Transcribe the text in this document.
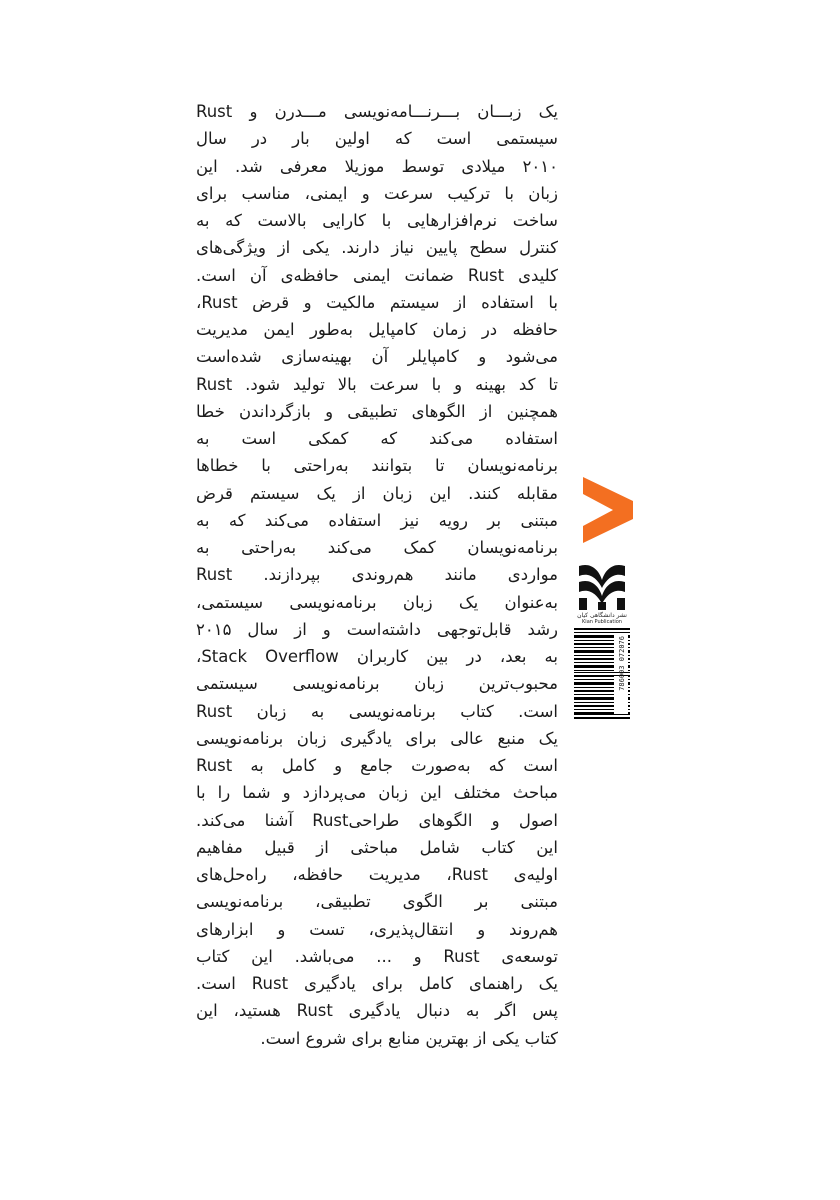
Rust یک زبـــان بـــرنـــامه‌نویسی مـــدرن و
سیستمی است که اولین بار در سال
۲۰۱۰ میلادی توسط موزیلا معرفی شد. این
زبان با ترکیب سرعت و ایمنی، مناسب برای
ساخت نرم‌افزارهایی با کارایی بالاست که به
کنترل سطح پایین نیاز دارند. یکی از ویژگی‌های
کلیدی Rust ضمانت ایمنی حافظه‌ی آن است.
با استفاده از سیستم مالکیت و قرض Rust،
حافظه در زمان کامپایل به‌طور ایمن مدیریت
می‌شود و کامپایلر آن بهینه‌سازی شده‌است
تا کد بهینه و با سرعت بالا تولید شود. Rust
همچنین از الگوهای تطبیقی و بازگرداندن خطا
استفاده می‌کند که کمکی است به
برنامه‌نویسان تا بتوانند به‌راحتی با خطاها
مقابله کنند. این زبان از یک سیستم قرض
مبتنی بر رویه نیز استفاده می‌کند که به
برنامه‌نویسان کمک می‌کند به‌راحتی به
مواردی مانند هم‌روندی بپردازند. Rust
به‌عنوان یک زبان برنامه‌نویسی سیستمی،
رشد قابل‌توجهی داشته‌است و از سال ۲۰۱۵
به بعد، در بین کاربران Stack Overflow،
محبوب‌ترین زبان برنامه‌نویسی سیستمی
است. کتاب برنامه‌نویسی به زبان Rust
یک منبع عالی برای یادگیری زبان برنامه‌نویسی
Rust است که به‌صورت جامع و کامل به
مباحث مختلف این زبان می‌پردازد و شما را با
اصول و الگوهای طراحیRust آشنا می‌کند.
این کتاب شامل مباحثی از قبیل مفاهیم
اولیه‌ی Rust، مدیریت حافظه، راه‌حل‌های
مبتنی بر الگوی تطبیقی، برنامه‌نویسی
هم‌روند و انتقال‌پذیری، تست و ابزارهای
توسعه‌ی Rust و ... می‌باشد. این کتاب
یک راهنمای کامل برای یادگیری Rust است.
پس اگر به دنبال یادگیری Rust هستید، این
کتاب یکی از بهترین منابع برای شروع است.
نشر دانشگاهی کیان
Kian Publication
786003 072076
